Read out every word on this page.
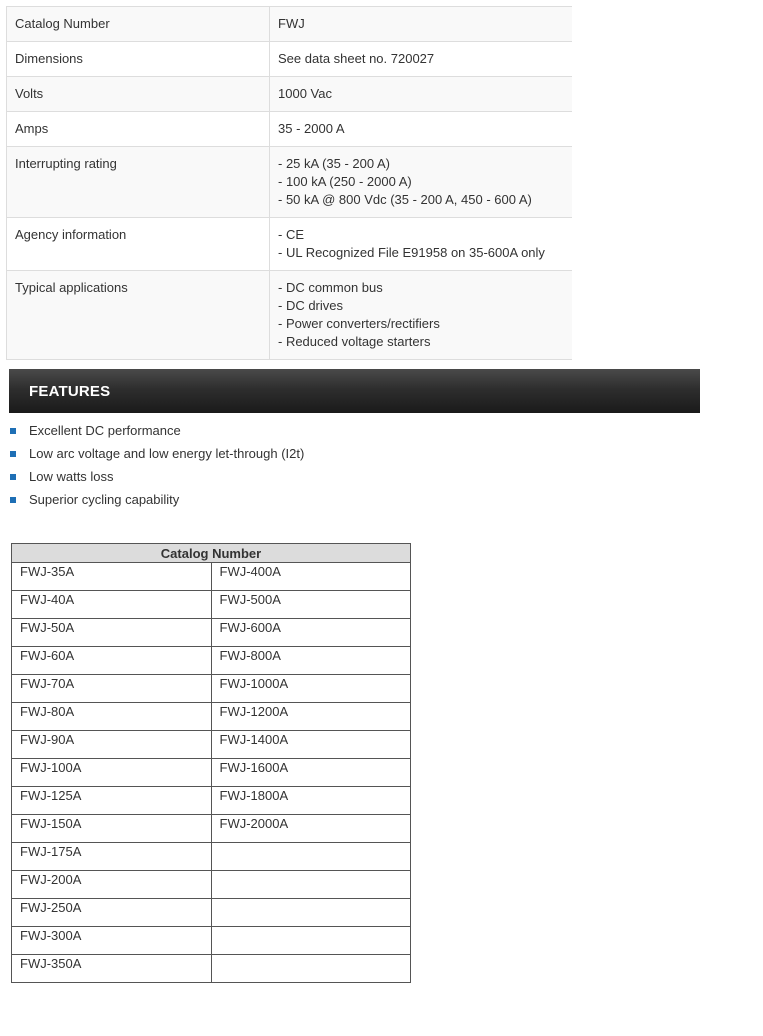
Catalog Number	FWJ

Dimensions	See data sheet no. 720027

Volts	1000 Vac

Amps	35 - 2000 A

Interrupting rating	- 25 kA (35 - 200 A)
- 100 kA (250 - 2000 A)
- 50 kA @ 800 Vdc (35 - 200 A, 450 - 600 A)

Agency information	- CE
- UL Recognized File E91958 on 35-600A only

Typical applications	- DC common bus
- DC drives
- Power converters/rectifiers
- Reduced voltage starters
FEATURES
Excellent DC performance
Low arc voltage and low energy let-through (I2t)
Low watts loss
Superior cycling capability
Catalog Number	
FWJ-35A	FWJ-400A
FWJ-40A	FWJ-500A
FWJ-50A	FWJ-600A
FWJ-60A	FWJ-800A
FWJ-70A	FWJ-1000A
FWJ-80A	FWJ-1200A
FWJ-90A	FWJ-1400A
FWJ-100A	FWJ-1600A
FWJ-125A	FWJ-1800A
FWJ-150A	FWJ-2000A
FWJ-175A	
FWJ-200A	
FWJ-250A	
FWJ-300A	
FWJ-350A	
